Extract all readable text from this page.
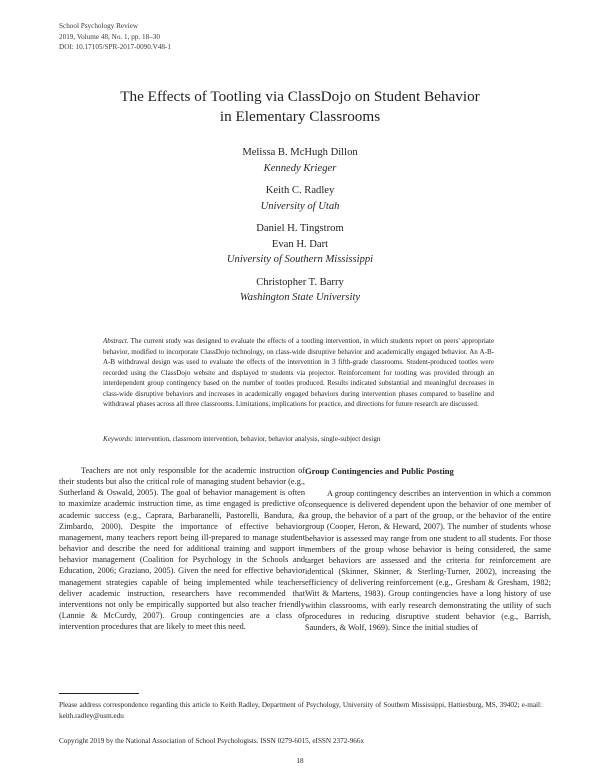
School Psychology Review
2019, Volume 48, No. 1, pp. 18–30
DOI: 10.17105/SPR-2017-0090.V48-1
The Effects of Tootling via ClassDojo on Student Behavior
in Elementary Classrooms
Melissa B. McHugh Dillon
Kennedy Krieger
Keith C. Radley
University of Utah
Daniel H. Tingstrom
Evan H. Dart
University of Southern Mississippi
Christopher T. Barry
Washington State University
Abstract. The current study was designed to evaluate the effects of a tootling intervention, in which students report on peers' appropriate behavior, modified to incorporate ClassDojo technology, on class-wide disruptive behavior and academically engaged behavior. An A-B-A-B withdrawal design was used to evaluate the effects of the intervention in 3 fifth-grade classrooms. Student-produced tootles were recorded using the ClassDojo website and displayed to students via projector. Reinforcement for tootling was provided through an interdependent group contingency based on the number of tootles produced. Results indicated substantial and meaningful decreases in class-wide disruptive behaviors and increases in academically engaged behaviors during intervention phases compared to baseline and withdrawal phases across all three classrooms. Limitations, implications for practice, and directions for future research are discussed.
Keywords: intervention, classroom intervention, behavior, behavior analysis, single-subject design

Teachers are not only responsible for the academic instruction of their students but also the critical role of managing student behavior (e.g., Sutherland & Oswald, 2005). The goal of behavior management is often to maximize academic instruction time, as time engaged is predictive of academic success (e.g., Caprara, Barbaranelli, Pastorelli, Bandura, & Zimbardo, 2000). Despite the importance of effective behavior management, many teachers report being ill-prepared to manage student behavior and describe the need for additional training and support in behavior management (Coalition for Psychology in the Schools and Education, 2006; Graziano, 2005). Given the need for effective behavior management strategies capable of being implemented while teachers deliver academic instruction, researchers have recommended that interventions not only be empirically supported but also teacher friendly (Lannie & McCurdy, 2007). Group contingencies are a class of intervention procedures that are likely to meet this need.

Group Contingencies and Public Posting

A group contingency describes an intervention in which a common consequence is delivered dependent upon the behavior of one member of a group, the behavior of a part of the group, or the behavior of the entire group (Cooper, Heron, & Heward, 2007). The number of students whose behavior is assessed may range from one student to all students. For those members of the group whose behavior is being considered, the same target behaviors are assessed and the criteria for reinforcement are identical (Skinner, Skinner, & Sterling-Turner, 2002), increasing the efficiency of delivering reinforcement (e.g., Gresham & Gresham, 1982; Witt & Martens, 1983). Group contingencies have a long history of use within classrooms, with early research demonstrating the utility of such procedures in reducing disruptive student behavior (e.g., Barrish, Saunders, & Wolf, 1969). Since the initial studies of

Please address correspondence regarding this article to Keith Radley, Department of Psychology, University of Southern Mississippi, Hattiesburg, MS, 39402; e-mail: keith.radley@usm.edu
Copyright 2019 by the National Association of School Psychologists. ISSN 0279-6015, eISSN 2372-966x
18
